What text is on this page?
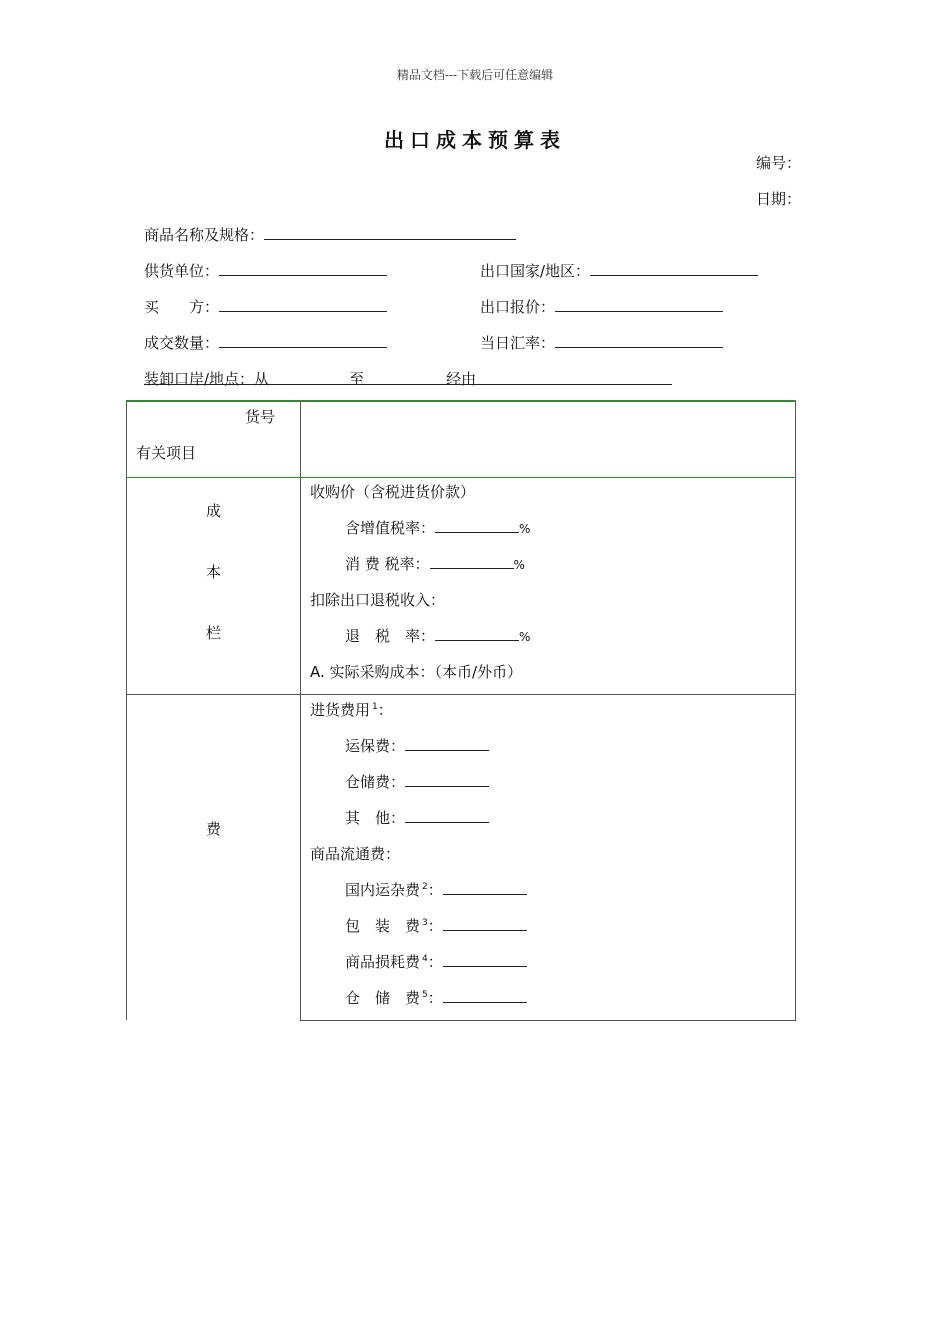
精品文档---下载后可任意编辑
出口成本预算表
编号：
日期：
商品名称及规格：
供货单位：	出口国家/地区：
买　　方：	出口报价：
成交数量：	当日汇率：
装卸口岸/地点：从	至	经由
货号
有关项目
成
本
栏
收购价（含税进货价款）
含增值税率：	%
消 费 税率：	%
扣除出口退税收入：
退　税　率：	%
A. 实际采购成本：（本币/外币）
费
进货费用 $^1$：
运保费：
仓储费：
其　他：
商品流通费：
国内运杂费 $^2$：
包　装　费 $^3$：
商品损耗费 $^4$：
仓　储　费 $^5$：
